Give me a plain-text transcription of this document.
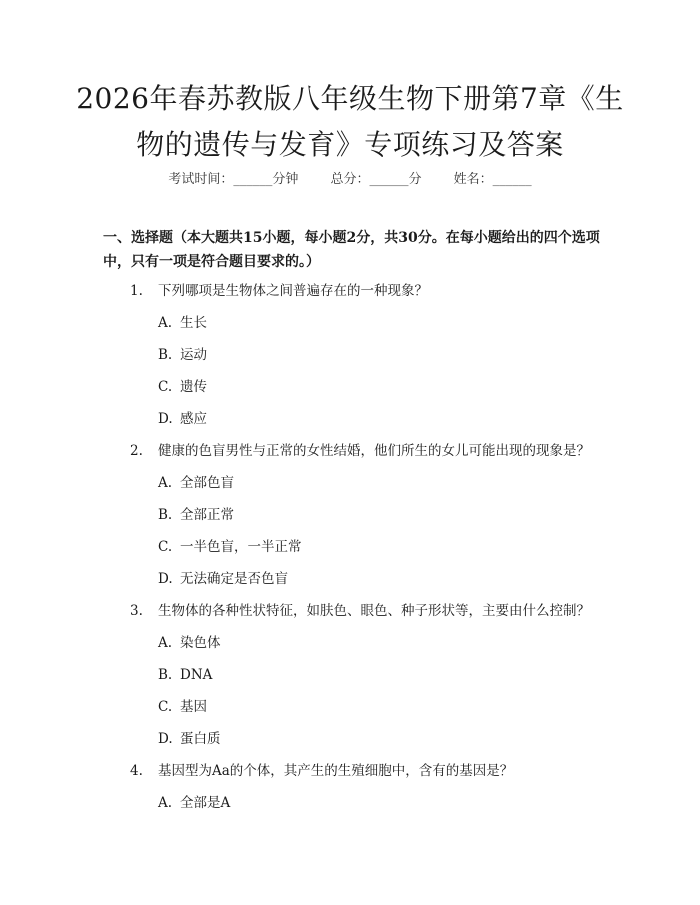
2026年春苏教版八年级生物下册第7章《生
物的遗传与发育》专项练习及答案
考试时间：______分钟 总分：______分 姓名：______
一、选择题（本大题共15小题，每小题2分，共30分。在每小题给出的四个选项中，只有一项是符合题目要求的。）
1. 下列哪项是生物体之间普遍存在的一种现象？
A. 生长
B. 运动
C. 遗传
D. 感应
2. 健康的色盲男性与正常的女性结婚，他们所生的女儿可能出现的现象是？
A. 全部色盲
B. 全部正常
C. 一半色盲，一半正常
D. 无法确定是否色盲
3. 生物体的各种性状特征，如肤色、眼色、种子形状等，主要由什么控制？
A. 染色体
B. DNA
C. 基因
D. 蛋白质
4. 基因型为Aa的个体，其产生的生殖细胞中，含有的基因是？
A. 全部是A
